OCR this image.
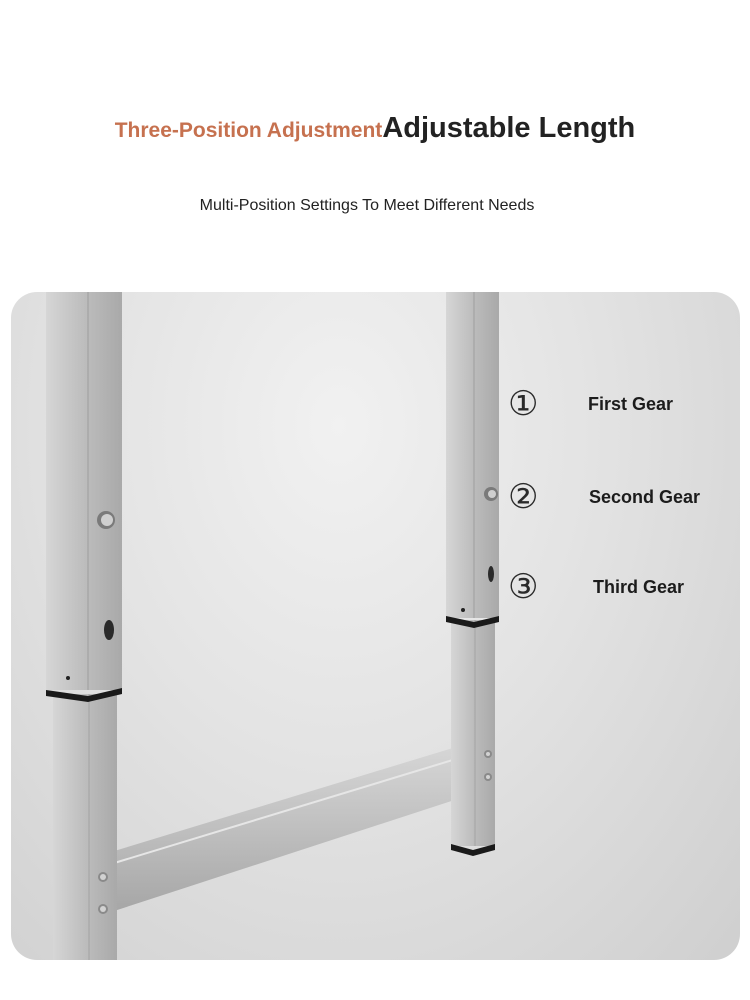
Three-Position AdjustmentAdjustable Length
Multi-Position Settings To Meet Different Needs
①	First Gear
②	Second Gear
③	Third Gear
